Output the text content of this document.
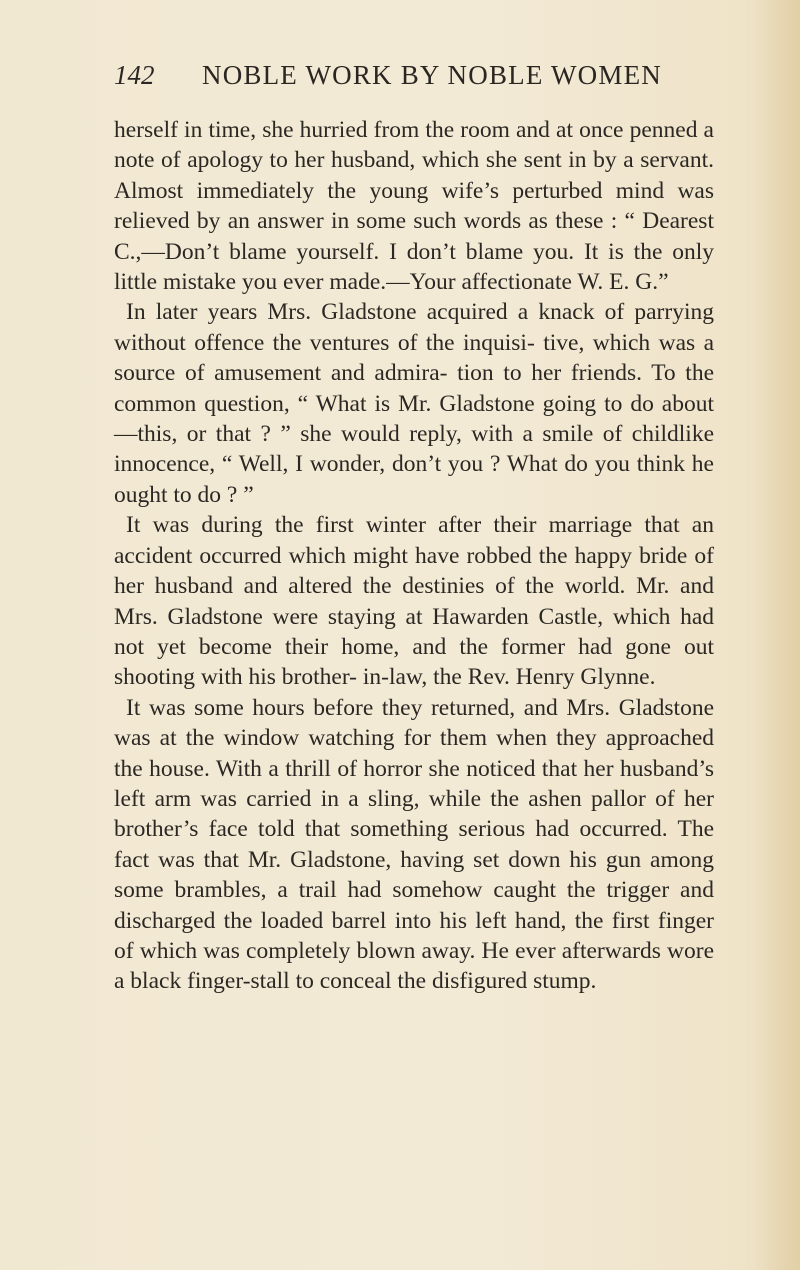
142 NOBLE WORK BY NOBLE WOMEN

herself in time, she hurried from the room and at once penned a note of apology to her husband, which she sent in by a servant. Almost immediately the young wife’s perturbed mind was relieved by an answer in some such words as these : “ Dearest C.,—Don’t blame yourself. I don’t blame you. It is the only little mistake you ever made.—Your affectionate W. E. G.”

In later years Mrs. Gladstone acquired a knack of parrying without offence the ventures of the inquisi- tive, which was a source of amusement and admira- tion to her friends. To the common question, “ What is Mr. Gladstone going to do about—this, or that ? ” she would reply, with a smile of childlike innocence, “ Well, I wonder, don’t you ? What do you think he ought to do ? ”

It was during the first winter after their marriage that an accident occurred which might have robbed the happy bride of her husband and altered the destinies of the world. Mr. and Mrs. Gladstone were staying at Hawarden Castle, which had not yet become their home, and the former had gone out shooting with his brother- in-law, the Rev. Henry Glynne.

It was some hours before they returned, and Mrs. Gladstone was at the window watching for them when they approached the house. With a thrill of horror she noticed that her husband’s left arm was carried in a sling, while the ashen pallor of her brother’s face told that something serious had occurred. The fact was that Mr. Gladstone, having set down his gun among some brambles, a trail had somehow caught the trigger and discharged the loaded barrel into his left hand, the first finger of which was completely blown away. He ever afterwards wore a black finger-stall to conceal the disfigured stump.
